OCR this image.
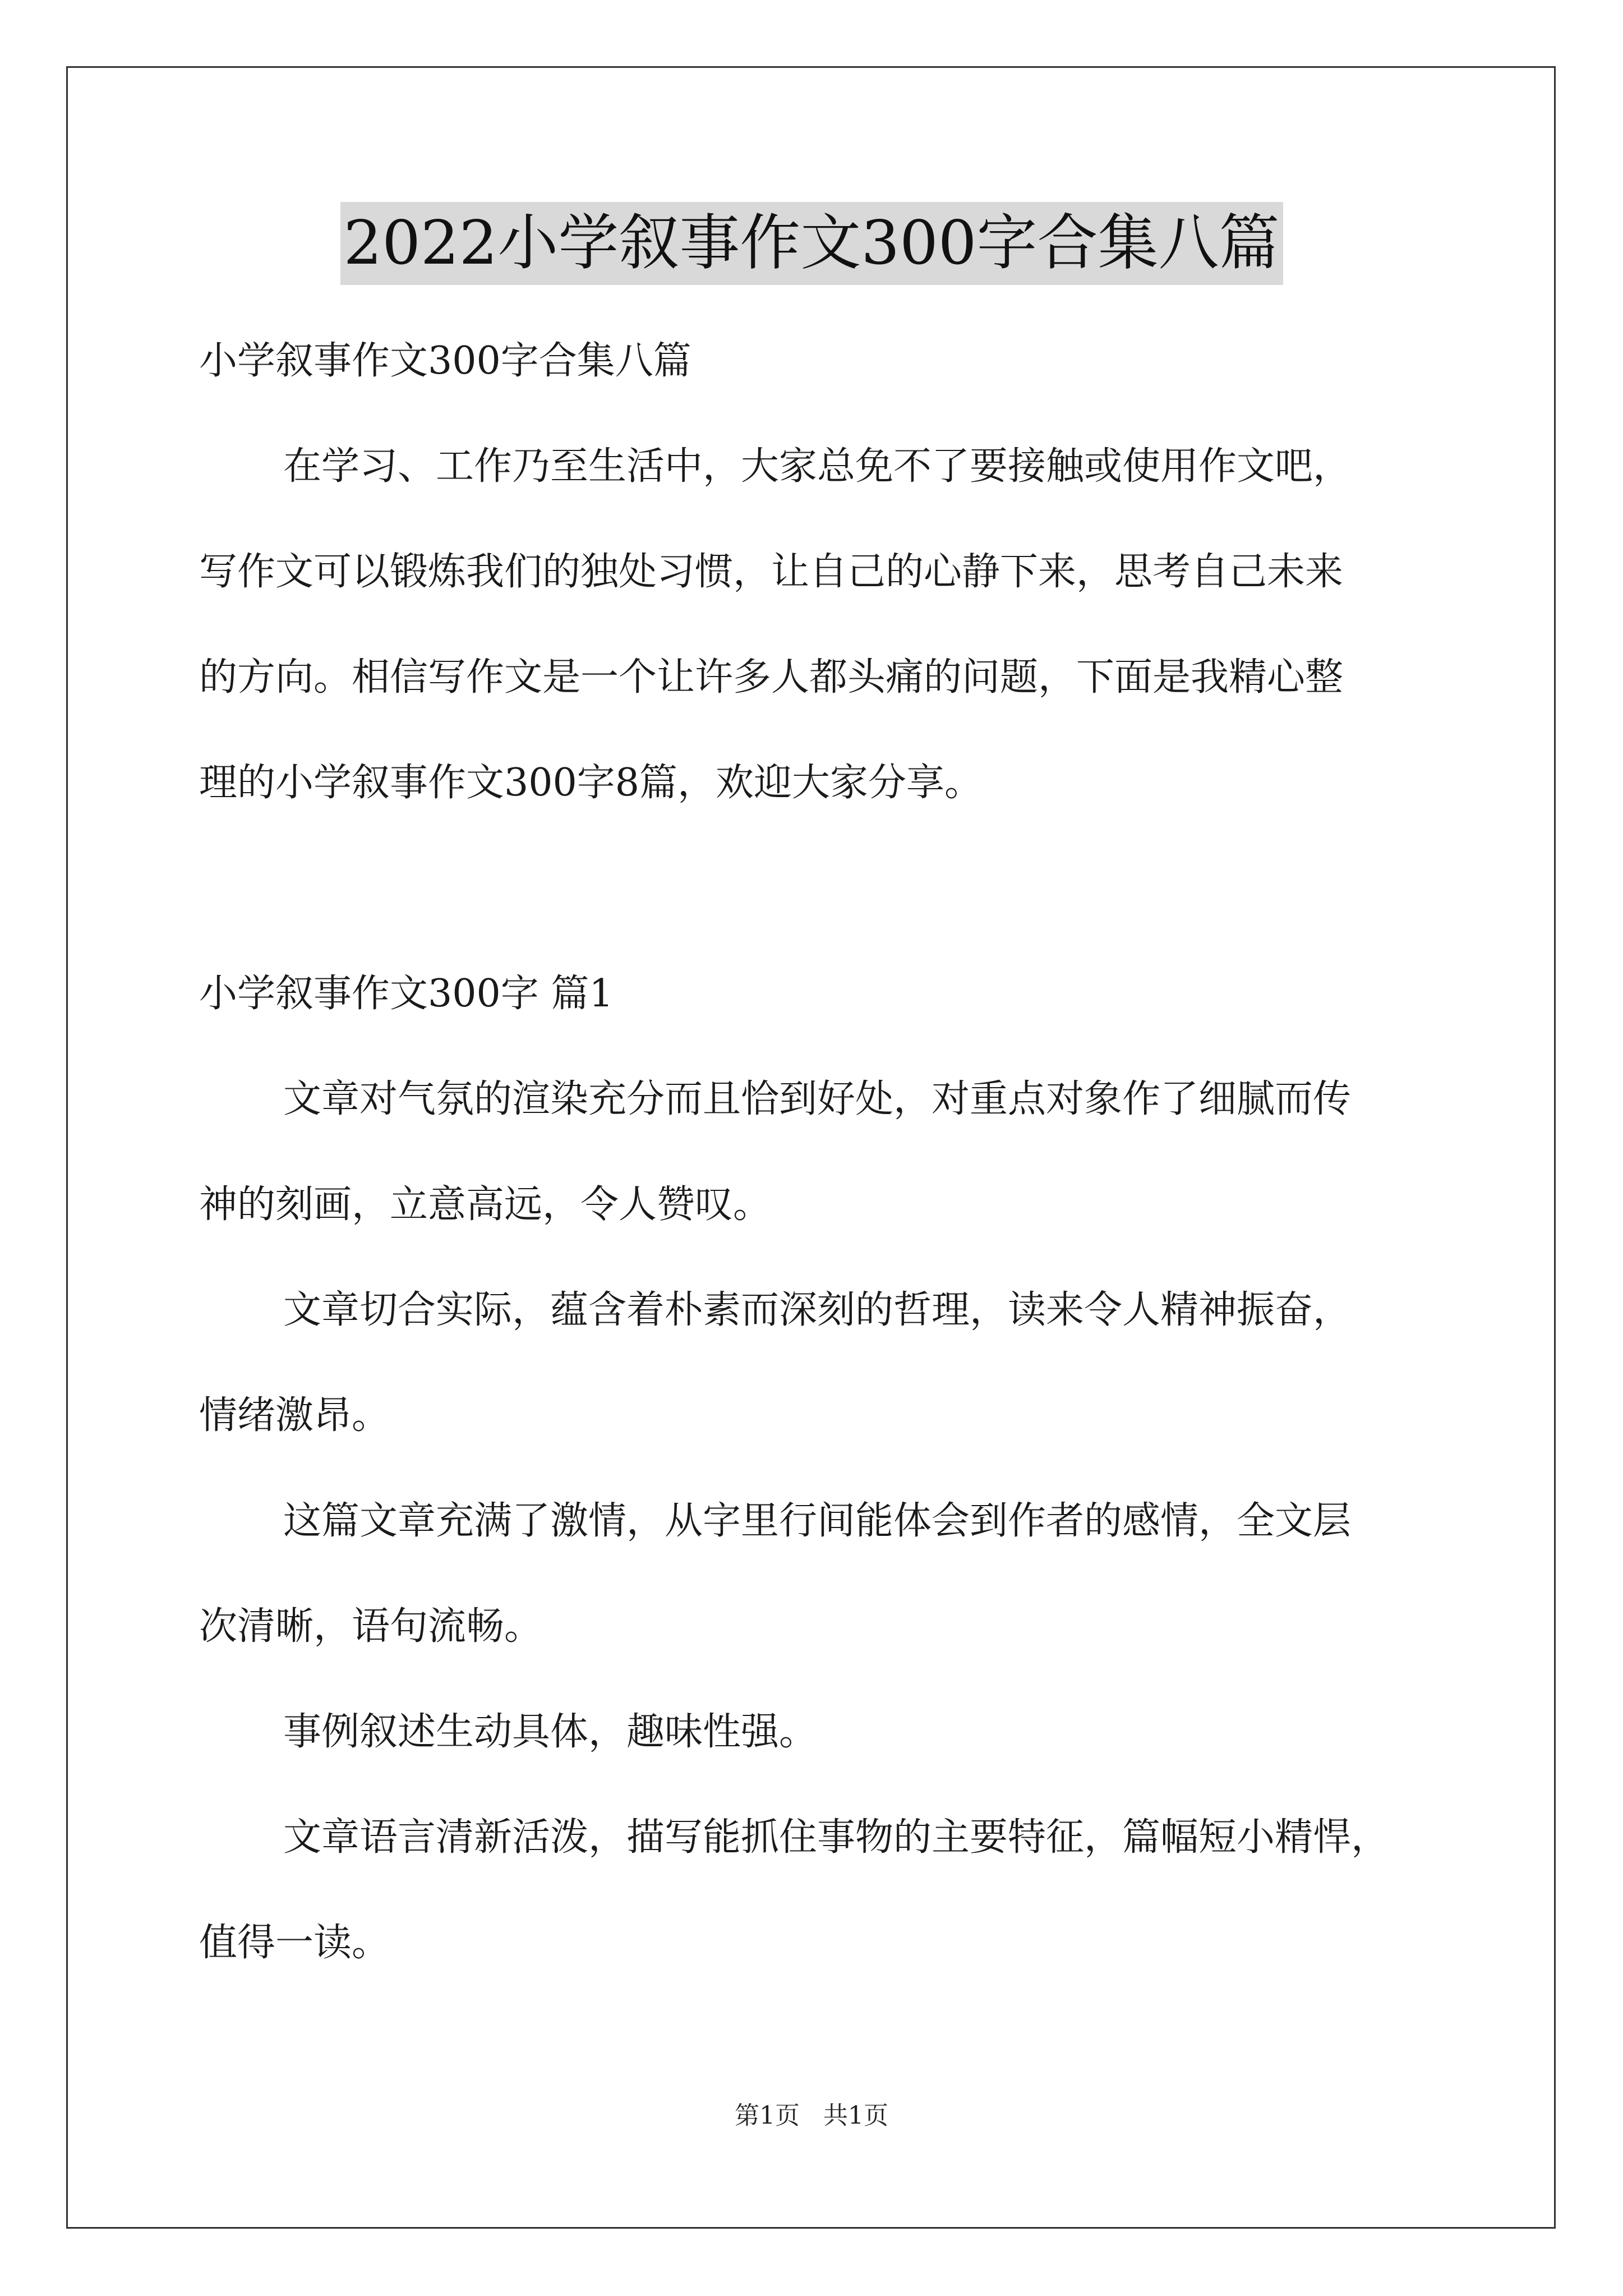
2022小学叙事作文300字合集八篇

小学叙事作文300字合集八篇

在学习、工作乃至生活中，大家总免不了要接触或使用作文吧，

写作文可以锻炼我们的独处习惯，让自己的心静下来，思考自己未来

的方向。相信写作文是一个让许多人都头痛的问题，下面是我精心整

理的小学叙事作文300字8篇，欢迎大家分享。

小学叙事作文300字 篇1

文章对气氛的渲染充分而且恰到好处，对重点对象作了细腻而传

神的刻画，立意高远，令人赞叹。

文章切合实际，蕴含着朴素而深刻的哲理，读来令人精神振奋，

情绪激昂。

这篇文章充满了激情，从字里行间能体会到作者的感情，全文层

次清晰，语句流畅。

事例叙述生动具体，趣味性强。

文章语言清新活泼，描写能抓住事物的主要特征，篇幅短小精悍，

值得一读。

第1页 共1页
